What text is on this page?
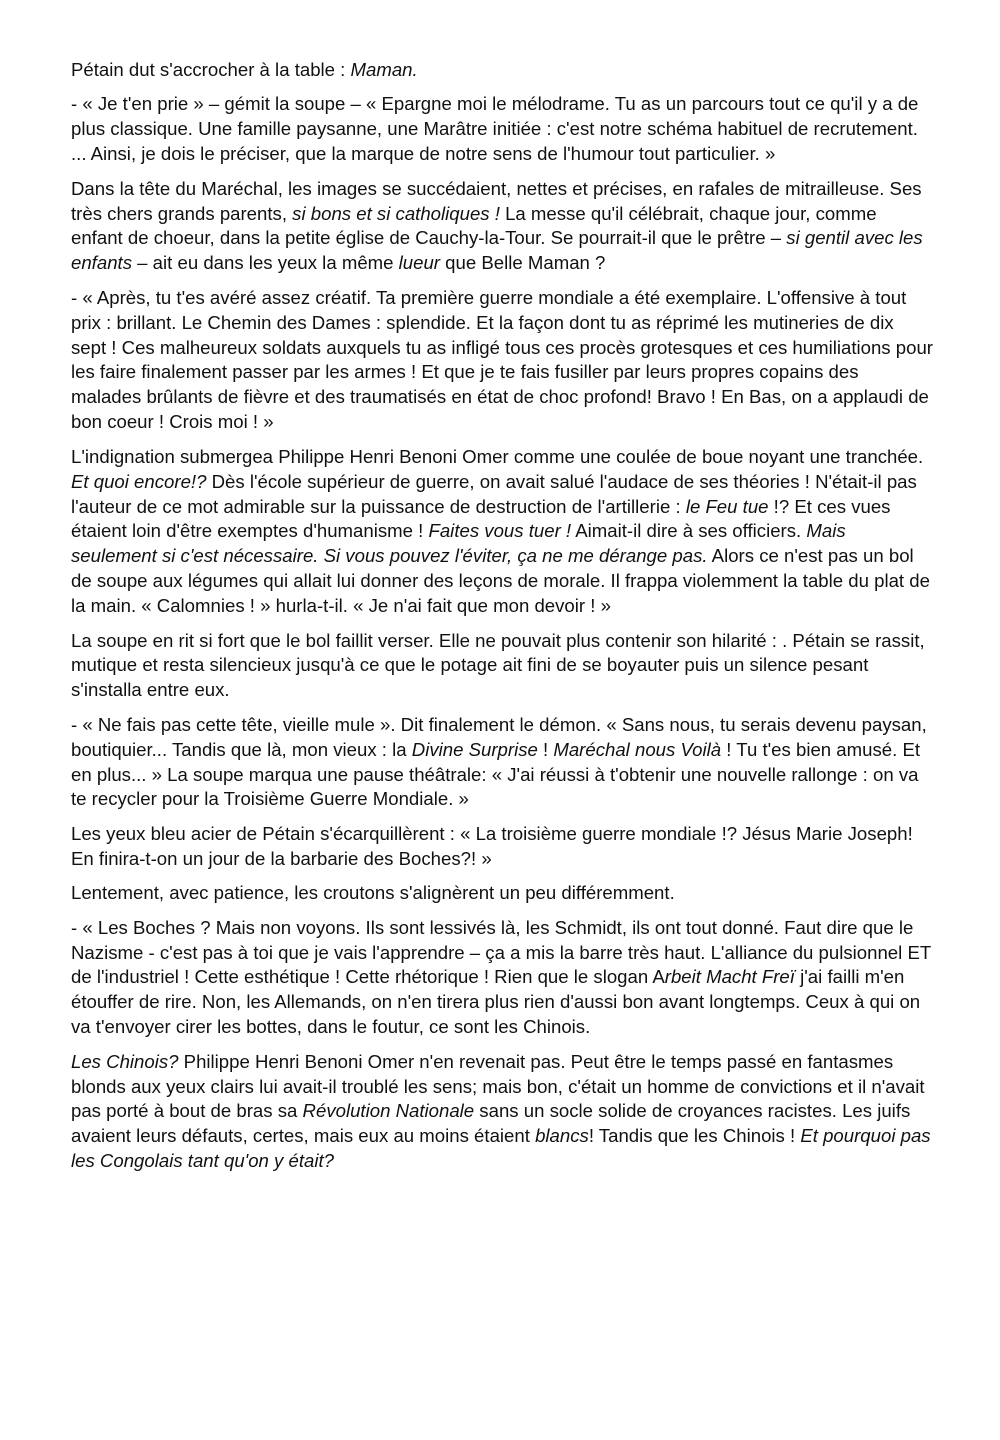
Pétain dut s'accrocher à la table : Maman.

- « Je t'en prie » – gémit la soupe – « Epargne moi le mélodrame. Tu as un parcours tout ce qu'il y a de plus classique. Une famille paysanne, une Marâtre initiée : c'est notre schéma habituel de recrutement. ... Ainsi, je dois le préciser, que la marque de notre sens de l'humour tout particulier. »

Dans la tête du Maréchal, les images se succédaient, nettes et précises, en rafales de mitrailleuse. Ses très chers grands parents, si bons et si catholiques ! La messe qu'il célébrait, chaque jour, comme enfant de choeur, dans la petite église de Cauchy-la-Tour. Se pourrait-il que le prêtre – si gentil avec les enfants – ait eu dans les yeux la même lueur que Belle Maman ?

- « Après, tu t'es avéré assez créatif. Ta première guerre mondiale a été exemplaire. L'offensive à tout prix : brillant. Le Chemin des Dames : splendide. Et la façon dont tu as réprimé les mutineries de dix sept ! Ces malheureux soldats auxquels tu as infligé tous ces procès grotesques et ces humiliations pour les faire finalement passer par les armes ! Et que je te fais fusiller par leurs propres copains des malades brûlants de fièvre et des traumatisés en état de choc profond! Bravo ! En Bas, on a applaudi de bon coeur ! Crois moi ! »

L'indignation submergea Philippe Henri Benoni Omer comme une coulée de boue noyant une tranchée. Et quoi encore!? Dès l'école supérieur de guerre, on avait salué l'audace de ses théories ! N'était-il pas l'auteur de ce mot admirable sur la puissance de destruction de l'artillerie : le Feu tue !? Et ces vues étaient loin d'être exemptes d'humanisme ! Faites vous tuer ! Aimait-il dire à ses officiers. Mais seulement si c'est nécessaire. Si vous pouvez l'éviter, ça ne me dérange pas. Alors ce n'est pas un bol de soupe aux légumes qui allait lui donner des leçons de morale. Il frappa violemment la table du plat de la main. « Calomnies ! » hurla-t-il. « Je n'ai fait que mon devoir ! »

La soupe en rit si fort que le bol faillit verser. Elle ne pouvait plus contenir son hilarité : . Pétain se rassit, mutique et resta silencieux jusqu'à ce que le potage ait fini de se boyauter puis un silence pesant s'installa entre eux.

- « Ne fais pas cette tête, vieille mule ». Dit finalement le démon. « Sans nous, tu serais devenu paysan, boutiquier... Tandis que là, mon vieux : la Divine Surprise ! Maréchal nous Voilà ! Tu t'es bien amusé. Et en plus... » La soupe marqua une pause théâtrale: « J'ai réussi à t'obtenir une nouvelle rallonge : on va te recycler pour la Troisième Guerre Mondiale. »

Les yeux bleu acier de Pétain s'écarquillèrent : « La troisième guerre mondiale !? Jésus Marie Joseph! En finira-t-on un jour de la barbarie des Boches?! »

Lentement, avec patience, les croutons s'alignèrent un peu différemment.

- « Les Boches ? Mais non voyons. Ils sont lessivés là, les Schmidt, ils ont tout donné. Faut dire que le Nazisme - c'est pas à toi que je vais l'apprendre – ça a mis la barre très haut. L'alliance du pulsionnel ET de l'industriel ! Cette esthétique ! Cette rhétorique ! Rien que le slogan Arbeit Macht Freï j'ai failli m'en étouffer de rire. Non, les Allemands, on n'en tirera plus rien d'aussi bon avant longtemps. Ceux à qui on va t'envoyer cirer les bottes, dans le foutur, ce sont les Chinois.

Les Chinois? Philippe Henri Benoni Omer n'en revenait pas. Peut être le temps passé en fantasmes blonds aux yeux clairs lui avait-il troublé les sens; mais bon, c'était un homme de convictions et il n'avait pas porté à bout de bras sa Révolution Nationale sans un socle solide de croyances racistes. Les juifs avaient leurs défauts, certes, mais eux au moins étaient blancs! Tandis que les Chinois ! Et pourquoi pas les Congolais tant qu'on y était?
